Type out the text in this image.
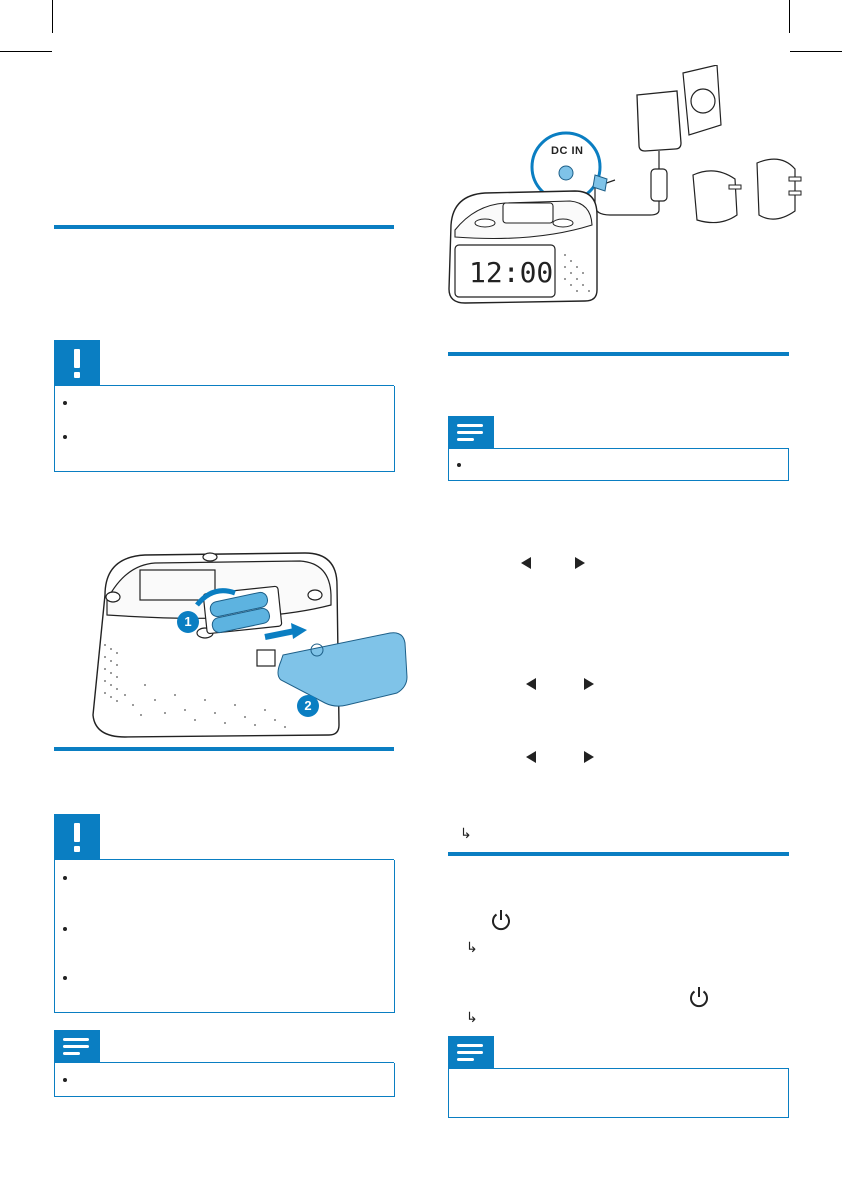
1
2
DC IN
12:00
↳
↳
↳
